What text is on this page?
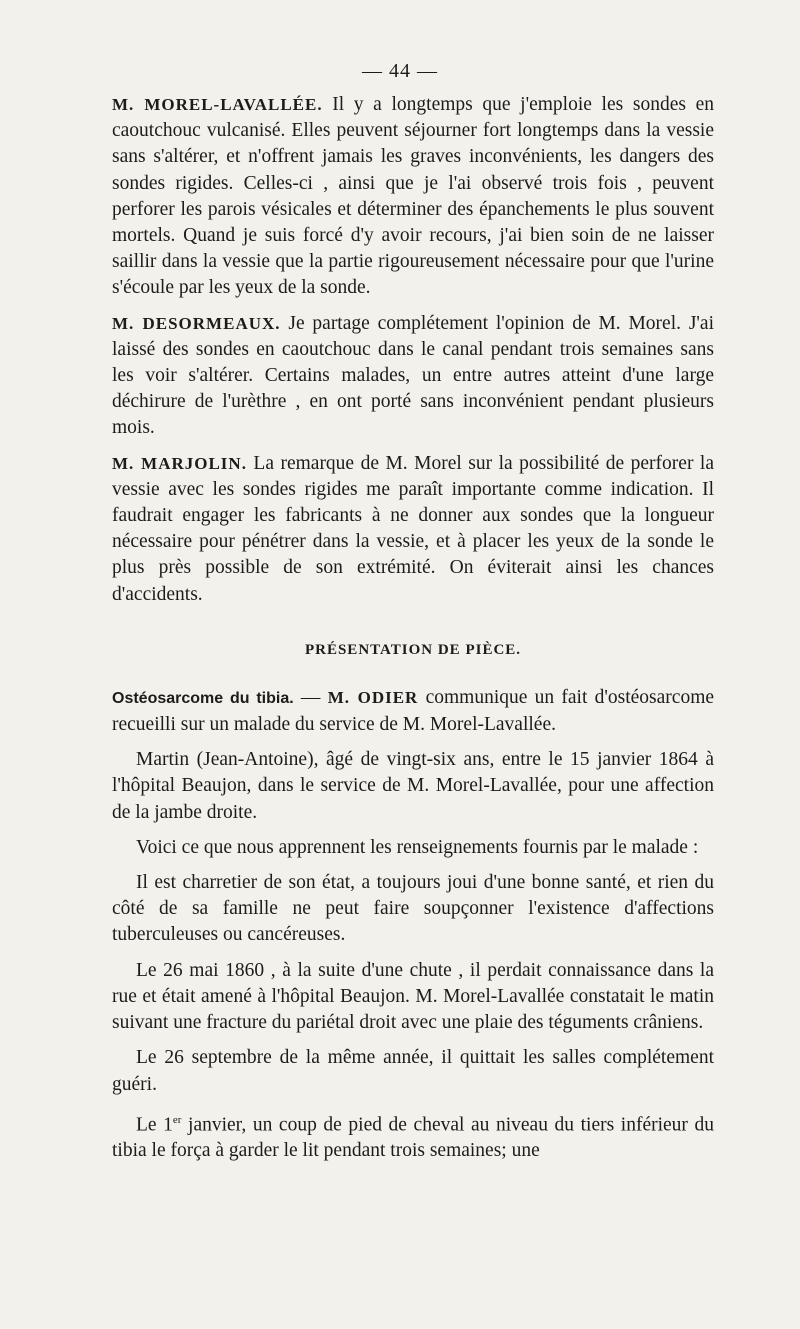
— 44 —

M. MOREL-LAVALLÉE. Il y a longtemps que j'emploie les sondes en caoutchouc vulcanisé. Elles peuvent séjourner fort longtemps dans la vessie sans s'altérer, et n'offrent jamais les graves inconvénients, les dangers des sondes rigides. Celles-ci , ainsi que je l'ai observé trois fois , peuvent perforer les parois vésicales et déterminer des épanchements le plus souvent mortels. Quand je suis forcé d'y avoir recours, j'ai bien soin de ne laisser saillir dans la vessie que la partie rigoureusement nécessaire pour que l'urine s'écoule par les yeux de la sonde.

M. DESORMEAUX. Je partage complétement l'opinion de M. Morel. J'ai laissé des sondes en caoutchouc dans le canal pendant trois semaines sans les voir s'altérer. Certains malades, un entre autres atteint d'une large déchirure de l'urèthre , en ont porté sans inconvénient pendant plusieurs mois.

M. MARJOLIN. La remarque de M. Morel sur la possibilité de perforer la vessie avec les sondes rigides me paraît importante comme indication. Il faudrait engager les fabricants à ne donner aux sondes que la longueur nécessaire pour pénétrer dans la vessie, et à placer les yeux de la sonde le plus près possible de son extrémité. On éviterait ainsi les chances d'accidents.

PRÉSENTATION DE PIÈCE.

Ostéosarcome du tibia. — M. ODIER communique un fait d'ostéosarcome recueilli sur un malade du service de M. Morel-Lavallée.

Martin (Jean-Antoine), âgé de vingt-six ans, entre le 15 janvier 1864 à l'hôpital Beaujon, dans le service de M. Morel-Lavallée, pour une affection de la jambe droite.

Voici ce que nous apprennent les renseignements fournis par le malade :

Il est charretier de son état, a toujours joui d'une bonne santé, et rien du côté de sa famille ne peut faire soupçonner l'existence d'affections tuberculeuses ou cancéreuses.

Le 26 mai 1860 , à la suite d'une chute , il perdait connaissance dans la rue et était amené à l'hôpital Beaujon. M. Morel-Lavallée constatait le matin suivant une fracture du pariétal droit avec une plaie des téguments crâniens.

Le 26 septembre de la même année, il quittait les salles complétement guéri.

Le 1er janvier, un coup de pied de cheval au niveau du tiers inférieur du tibia le força à garder le lit pendant trois semaines; une
